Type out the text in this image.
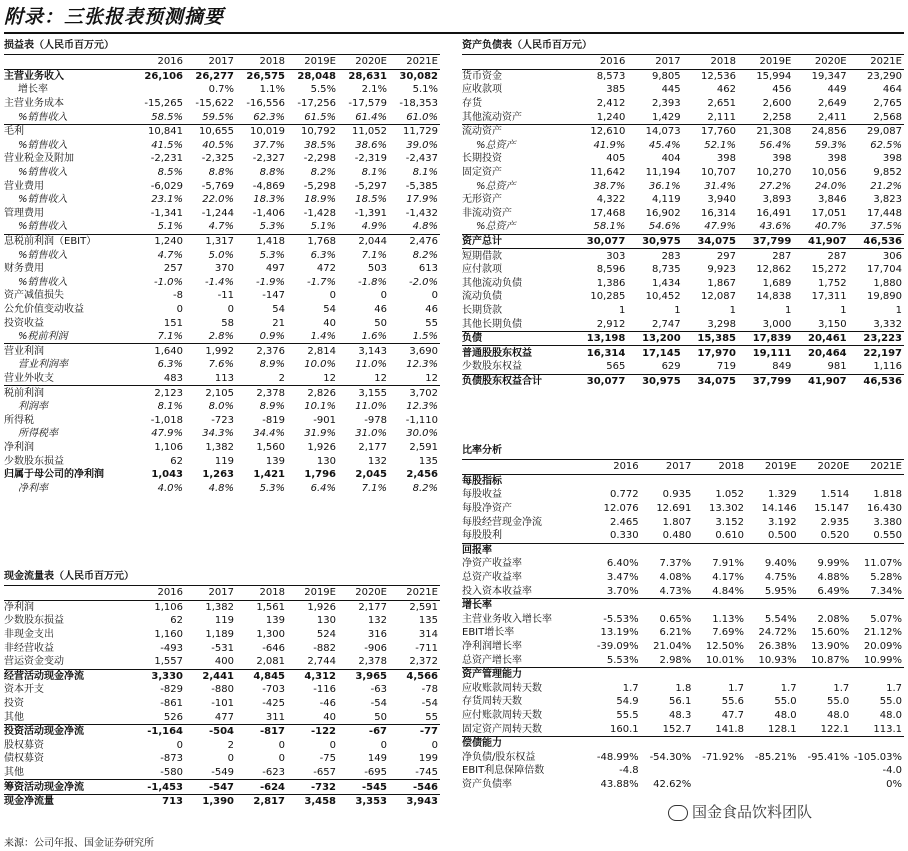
附录：三张报表预测摘要
损益表（人民币百万元）
	2016	2017	2018	2019E	2020E	2021E
主营业务收入	26,106	26,277	26,575	28,048	28,631	30,082
增长率		0.7%	1.1%	5.5%	2.1%	5.1%
主营业务成本	-15,265	-15,622	-16,556	-17,256	-17,579	-18,353
%销售收入	58.5%	59.5%	62.3%	61.5%	61.4%	61.0%
毛利	10,841	10,655	10,019	10,792	11,052	11,729
%销售收入	41.5%	40.5%	37.7%	38.5%	38.6%	39.0%
营业税金及附加	-2,231	-2,325	-2,327	-2,298	-2,319	-2,437
%销售收入	8.5%	8.8%	8.8%	8.2%	8.1%	8.1%
营业费用	-6,029	-5,769	-4,869	-5,298	-5,297	-5,385
%销售收入	23.1%	22.0%	18.3%	18.9%	18.5%	17.9%
管理费用	-1,341	-1,244	-1,406	-1,428	-1,391	-1,432
%销售收入	5.1%	4.7%	5.3%	5.1%	4.9%	4.8%
息税前利润（EBIT）	1,240	1,317	1,418	1,768	2,044	2,476
%销售收入	4.7%	5.0%	5.3%	6.3%	7.1%	8.2%
财务费用	257	370	497	472	503	613
%销售收入	-1.0%	-1.4%	-1.9%	-1.7%	-1.8%	-2.0%
资产减值损失	-8	-11	-147	0	0	0
公允价值变动收益	0	0	54	54	46	46
投资收益	151	58	21	40	50	55
%税前利润	7.1%	2.8%	0.9%	1.4%	1.6%	1.5%
营业利润	1,640	1,992	2,376	2,814	3,143	3,690
营业利润率	6.3%	7.6%	8.9%	10.0%	11.0%	12.3%
营业外收支	483	113	2	12	12	12
税前利润	2,123	2,105	2,378	2,826	3,155	3,702
利润率	8.1%	8.0%	8.9%	10.1%	11.0%	12.3%
所得税	-1,018	-723	-819	-901	-978	-1,110
所得税率	47.9%	34.3%	34.4%	31.9%	31.0%	30.0%
净利润	1,106	1,382	1,560	1,926	2,177	2,591
少数股东损益	62	119	139	130	132	135
归属于母公司的净利润	1,043	1,263	1,421	1,796	2,045	2,456
净利率	4.0%	4.8%	5.3%	6.4%	7.1%	8.2%
现金流量表（人民币百万元）
	2016	2017	2018	2019E	2020E	2021E
净利润	1,106	1,382	1,561	1,926	2,177	2,591
少数股东损益	62	119	139	130	132	135
非现金支出	1,160	1,189	1,300	524	316	314
非经营收益	-493	-531	-646	-882	-906	-711
营运资金变动	1,557	400	2,081	2,744	2,378	2,372
经营活动现金净流	3,330	2,441	4,845	4,312	3,965	4,566
资本开支	-829	-880	-703	-116	-63	-78
投资	-861	-101	-425	-46	-54	-54
其他	526	477	311	40	50	55
投资活动现金净流	-1,164	-504	-817	-122	-67	-77
股权募资	0	2	0	0	0	0
债权募资	-873	0	0	-75	149	199
其他	-580	-549	-623	-657	-695	-745
筹资活动现金净流	-1,453	-547	-624	-732	-545	-546
现金净流量	713	1,390	2,817	3,458	3,353	3,943
资产负债表（人民币百万元）
	2016	2017	2018	2019E	2020E	2021E
货币资金	8,573	9,805	12,536	15,994	19,347	23,290
应收款项	385	445	462	456	449	464
存货	2,412	2,393	2,651	2,600	2,649	2,765
其他流动资产	1,240	1,429	2,111	2,258	2,411	2,568
流动资产	12,610	14,073	17,760	21,308	24,856	29,087
%总资产	41.9%	45.4%	52.1%	56.4%	59.3%	62.5%
长期投资	405	404	398	398	398	398
固定资产	11,642	11,194	10,707	10,270	10,056	9,852
%总资产	38.7%	36.1%	31.4%	27.2%	24.0%	21.2%
无形资产	4,322	4,119	3,940	3,893	3,846	3,823
非流动资产	17,468	16,902	16,314	16,491	17,051	17,448
%总资产	58.1%	54.6%	47.9%	43.6%	40.7%	37.5%
资产总计	30,077	30,975	34,075	37,799	41,907	46,536
短期借款	303	283	297	287	287	306
应付款项	8,596	8,735	9,923	12,862	15,272	17,704
其他流动负债	1,386	1,434	1,867	1,689	1,752	1,880
流动负债	10,285	10,452	12,087	14,838	17,311	19,890
长期贷款	1	1	1	1	1	1
其他长期负债	2,912	2,747	3,298	3,000	3,150	3,332
负债	13,198	13,200	15,385	17,839	20,461	23,223
普通股股东权益	16,314	17,145	17,970	19,111	20,464	22,197
少数股东权益	565	629	719	849	981	1,116
负债股东权益合计	30,077	30,975	34,075	37,799	41,907	46,536
比率分析
	2016	2017	2018	2019E	2020E	2021E
每股指标						
每股收益	0.772	0.935	1.052	1.329	1.514	1.818
每股净资产	12.076	12.691	13.302	14.146	15.147	16.430
每股经营现金净流	2.465	1.807	3.152	3.192	2.935	3.380
每股股利	0.330	0.480	0.610	0.500	0.520	0.550
回报率						
净资产收益率	6.40%	7.37%	7.91%	9.40%	9.99%	11.07%
总资产收益率	3.47%	4.08%	4.17%	4.75%	4.88%	5.28%
投入资本收益率	3.70%	4.73%	4.84%	5.95%	6.49%	7.34%
增长率						
主营业务收入增长率	-5.53%	0.65%	1.13%	5.54%	2.08%	5.07%
EBIT增长率	13.19%	6.21%	7.69%	24.72%	15.60%	21.12%
净利润增长率	-39.09%	21.04%	12.50%	26.38%	13.90%	20.09%
总资产增长率	5.53%	2.98%	10.01%	10.93%	10.87%	10.99%
资产管理能力						
应收账款周转天数	1.7	1.8	1.7	1.7	1.7	1.7
存货周转天数	54.9	56.1	55.6	55.0	55.0	55.0
应付账款周转天数	55.5	48.3	47.7	48.0	48.0	48.0
固定资产周转天数	160.1	152.7	141.8	128.1	122.1	113.1
偿债能力						
净负债/股东权益	-48.99%	-54.30%	-71.92%	-85.21%	-95.41%	-105.03%
EBIT利息保障倍数	-4.8					-4.0
资产负债率	43.88%	42.62%				0%
国金食品饮料团队
来源：公司年报、国金证券研究所
